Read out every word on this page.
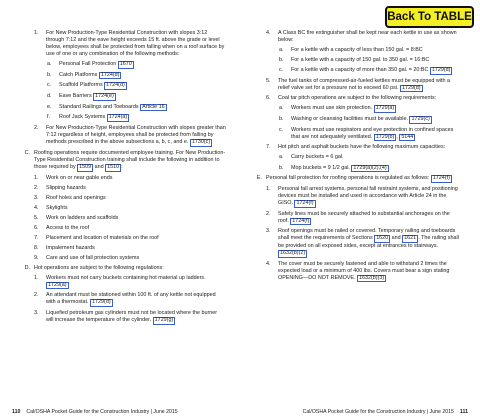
Back To TABLE
1.	For New Production-Type Residential Construction with slopes 3:12 through 7:12 and the eave height exceeds 15 ft. above the grade or level below, employees shall be protected from falling when on a roof surface by use of one or any combination of the following methods:
a.	Personal Fall Protection 1670
b.	Catch Platforms 1724(d)
c.	Scaffold Platforms 1724(d)
d.	Eave Barriers 1724(e)
e.	Standard Railings and Toeboards Article 16
f.	Roof Jack Systems 1724(a)
2.	For New Production-Type Residential Construction with slopes greater than 7:12 regardless of height, employees shall be protected from falling by methods prescribed in the above subsections a, b, c, and e. 1730(c)
C. Roofing operations require documented employee training. For New Production-Type Residential Construction training shall include the following in addition to those required by 1509 and 1510 :
1.	Work on or near gable ends
2.	Slipping hazards
3.	Roof holes and openings
4.	Skylights
5.	Work on ladders and scaffolds
6.	Access to the roof
7.	Placement and location of materials on the roof
8.	Impalement hazards
9.	Care and use of fall protection systems
D. Hot operations are subject to the following regulations:
1.	Workers must not carry buckets containing hot material up ladders. 1729(a)
2.	An attendant must be stationed within 100 ft. of any kettle not equipped with a thermostat. 1729(d)
3.	Liquefied petroleum gas cylinders must not be located where the burner will increase the temperature of the cylinder. 1729(g)
4.	A Class BC fire extinguisher shall be kept near each kettle in use as shown below:
a.	For a kettle with a capacity of less than 150 gal. = 8:BC
b.	For a kettle with a capacity of 150 gal. to 350 gal. = 16:BC
c.	For a kettle with a capacity of more than 350 gal. = 20:BC 1729(d)
5.	The fuel tanks of compressed-air-fueled kettles must be equipped with a relief valve set for a pressure not to exceed 60 psi. 1729(d)
6.	Coal tar pitch operations are subject to the following requirements:
a.	Workers must use skin protection. 1729(a)
b.	Washing or cleansing facilities must be available. 1729(c)
c.	Workers must use respirators and eye protection in confined spaces that are not adequately ventilated. 1729(b) , 5144
7.	Hot pitch and asphalt buckets have the following maximum capacities:
a.	Carry buckets = 6 gal.
b.	Mop buckets = 9 1/2 gal. 1729(a)(2),(4)
E. Personal fall protection for roofing operations is regulated as follows: 1724(f)
1.	Personal fall arrest systems, personal fall restraint systems, and positioning devices must be installed and used in accordance with Article 24 in the GISO. 1724(f)
2.	Safety lines must be securely attached to substantial anchorages on the roof. 1724(f)
3.	Roof openings must be railed or covered. Temporary railing and toeboards shall meet the requirements of Sections 1620 and 1621 . The railing shall be provided on all exposed sides, except at entrances to stairways. 1632(b)(2)
4.	The cover must be securely fastened and able to withstand 2 times the expected load or a minimum of 400 lbs. Covers must bear a sign stating OPENING—DO NOT REMOVE. 1632(b)(3)
110 Cal/OSHA Pocket Guide for the Construction Industry | June 2015	Cal/OSHA Pocket Guide for the Construction Industry | June 2015 111
